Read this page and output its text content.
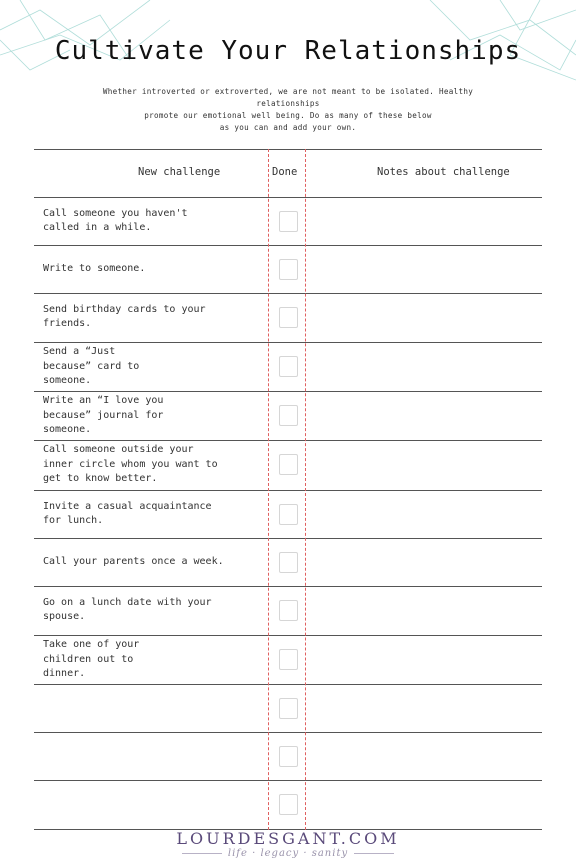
Cultivate Your Relationships
Whether introverted or extroverted, we are not meant to be isolated. Healthy
relationships
promote our emotional well being. Do as many of these below
as you can and add your own.
New challenge	Done	Notes about challenge
Call someone you haven't
called in a while.
Write to someone.
Send birthday cards to your
friends.
Send a “Just
because” card to
someone.
Write an “I love you
because” journal for
someone.
Call someone outside your
inner circle whom you want to
get to know better.
Invite a casual acquaintance
for lunch.
Call your parents once a week.
Go on a lunch date with your
spouse.
Take one of your
children out to
dinner.
LOURDESGANT.COM
life · legacy · sanity
